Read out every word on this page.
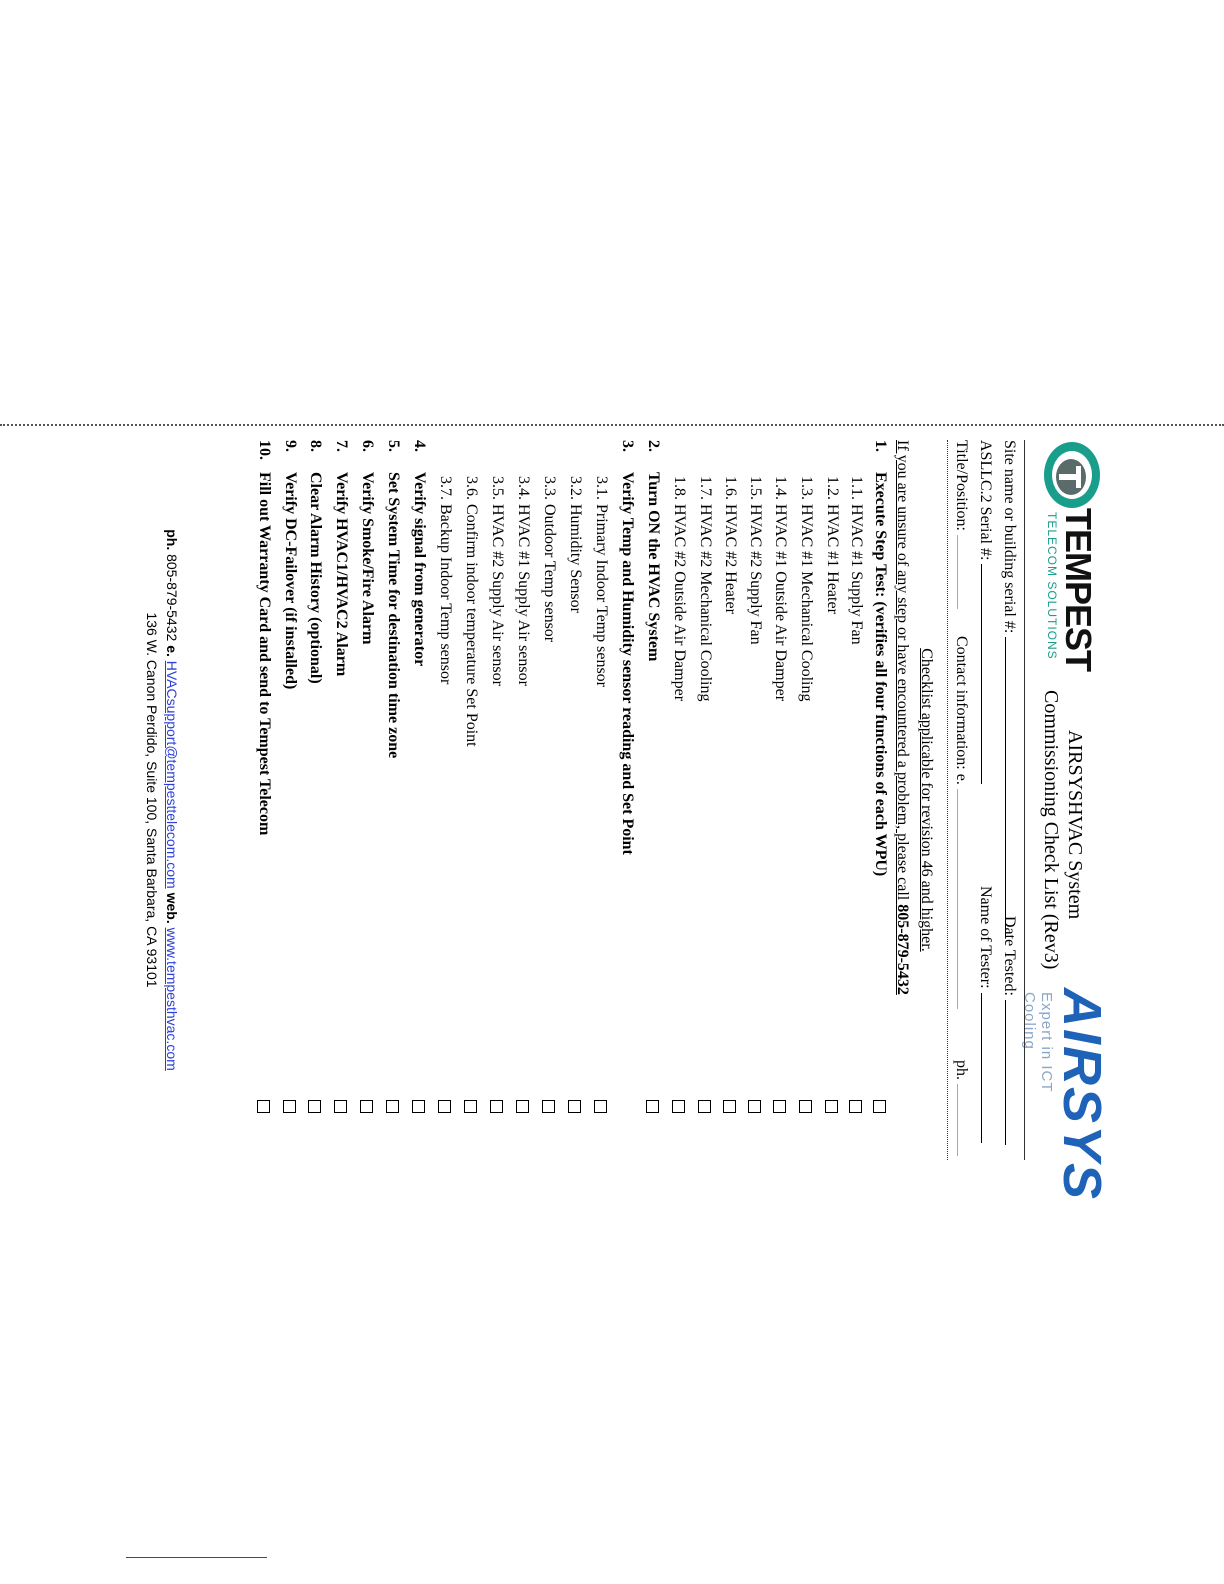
TEMPEST
TELECOM SOLUTIONS
AIRSYSHVAC System
Commissioning Check List (Rev3)
AIRSYS
Expert in ICT Cooling
Site name or building serial #:
Date Tested:
ASLLC.2 Serial #:
Name of Tester:
Title/Position:
Contact information: e.
ph.
Checklist applicable for revision 46 and higher.
If you are unsure of any step or have encountered a problem, please call 805-879-5432
1.
Execute Step Test: (verifies all four functions of each WPU)
1.1. HVAC #1 Supply Fan
1.2. HVAC #1 Heater
1.3. HVAC #1 Mechanical Cooling
1.4. HVAC #1 Outside Air Damper
1.5. HVAC #2 Supply Fan
1.6. HVAC #2 Heater
1.7. HVAC #2 Mechanical Cooling
1.8. HVAC #2 Outside Air Damper
2.
Turn ON the HVAC System
3.
Verify Temp and Humidity sensor reading and Set Point
3.1. Primary Indoor Temp sensor
3.2. Humidity Sensor
3.3. Outdoor Temp sensor
3.4. HVAC #1 Supply Air sensor
3.5. HVAC #2 Supply Air sensor
3.6. Confirm indoor temperature Set Point
3.7. Backup Indoor Temp sensor
4.
Verify signal from generator
5.
Set System Time for destination time zone
6.
Verify Smoke/Fire Alarm
7.
Verify HVAC1/HVAC2 Alarm
8.
Clear Alarm History (optional)
9.
Verify DC-Failover (if installed)
10.
Fill out Warranty Card and send to Tempest Telecom
ph. 805-879-5432 e. HVACsupport@tempesttelecom.com web. www.tempesthvac.com
136 W. Canon Perdido, Suite 100, Santa Barbara, CA 93101
